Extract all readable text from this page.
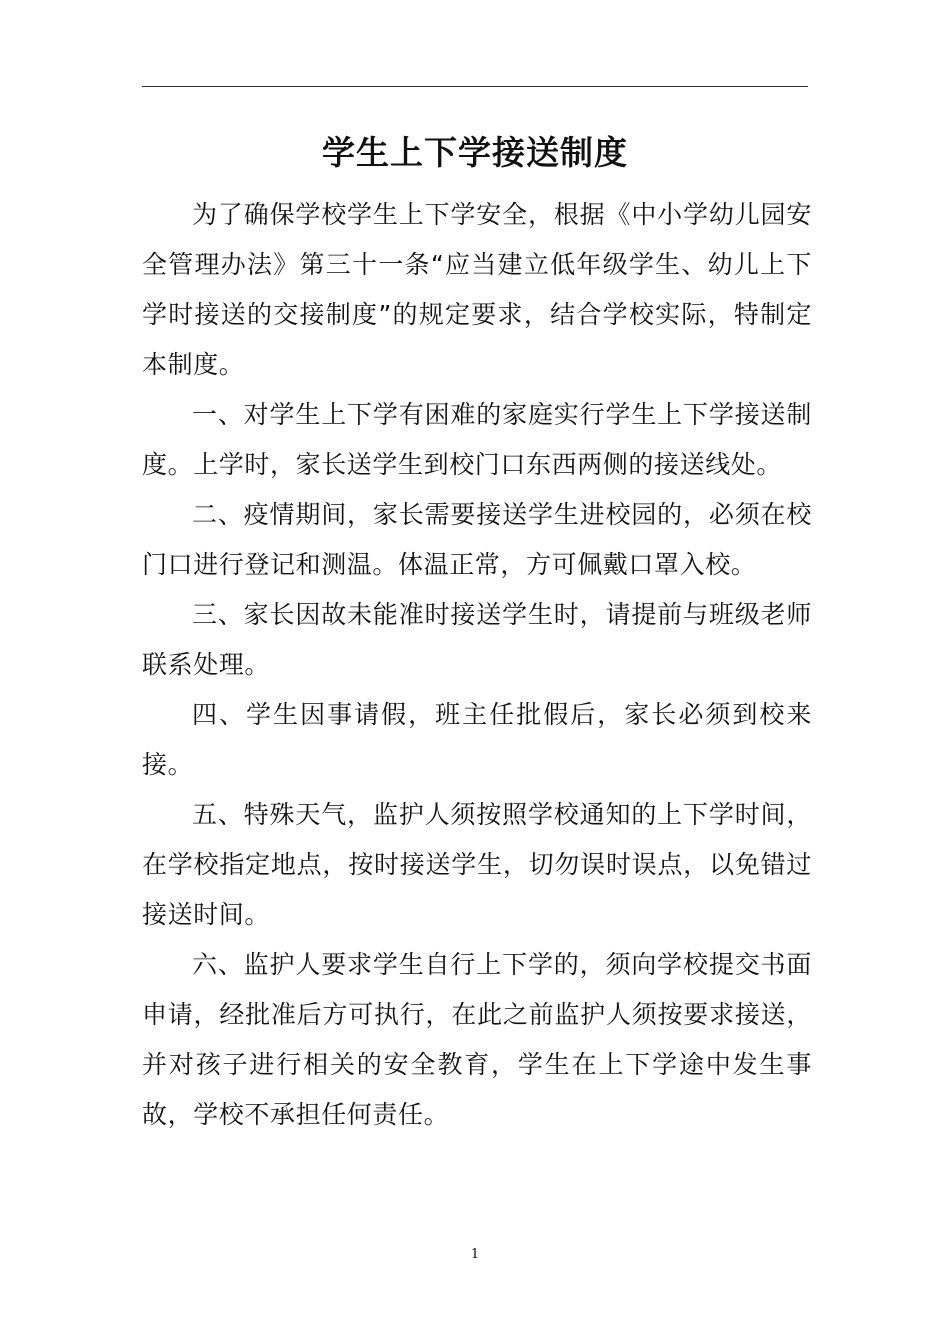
学生上下学接送制度

为了确保学校学生上下学安全，根据《中小学幼儿园安全管理办法》第三十一条“应当建立低年级学生、幼儿上下学时接送的交接制度”的规定要求，结合学校实际，特制定本制度。

一、对学生上下学有困难的家庭实行学生上下学接送制度。上学时，家长送学生到校门口东西两侧的接送线处。

二、疫情期间，家长需要接送学生进校园的，必须在校门口进行登记和测温。体温正常，方可佩戴口罩入校。

三、家长因故未能准时接送学生时，请提前与班级老师联系处理。

四、学生因事请假，班主任批假后，家长必须到校来接。

五、特殊天气，监护人须按照学校通知的上下学时间，在学校指定地点，按时接送学生，切勿误时误点，以免错过接送时间。

六、监护人要求学生自行上下学的，须向学校提交书面申请，经批准后方可执行，在此之前监护人须按要求接送，并对孩子进行相关的安全教育，学生在上下学途中发生事故，学校不承担任何责任。

1
